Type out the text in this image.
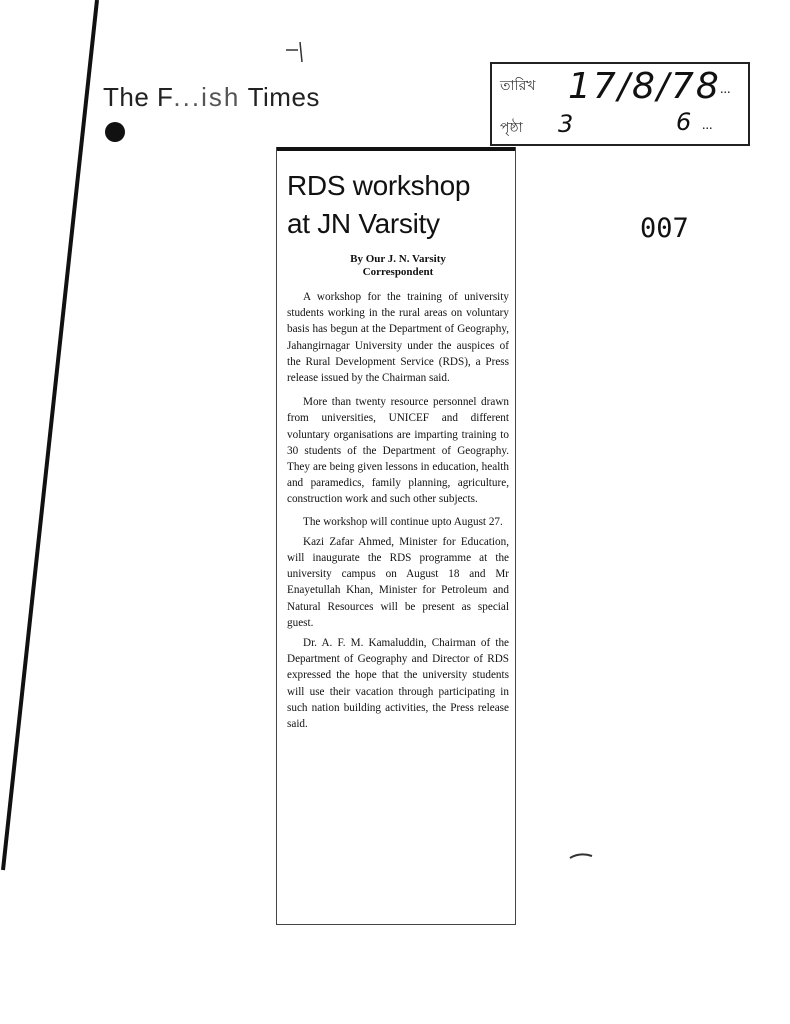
The F...ish Times	তারিখ 17/8/78 ...
পৃষ্ঠা 3	6 ...
007
RDS workshop
at JN Varsity
By Our J. N. Varsity
Correspondent

A workshop for the training of university students working in the rural areas on voluntary basis has begun at the Department of Geography, Jahangirnagar University under the auspices of the Rural Development Service (RDS), a Press release issued by the Chairman said.

More than twenty resource personnel drawn from universities, UNICEF and different voluntary organisations are imparting training to 30 students of the Department of Geography. They are being given lessons in education, health and paramedics, family planning, agriculture, construction work and such other subjects.

The workshop will continue upto August 27.

Kazi Zafar Ahmed, Minister for Education, will inaugurate the RDS programme at the university campus on August 18 and Mr Enayetullah Khan, Minister for Petroleum and Natural Resources will be present as special guest.

Dr. A. F. M. Kamaluddin, Chairman of the Department of Geography and Director of RDS expressed the hope that the university students will use their vacation through participating in such nation building activities, the Press release said.
